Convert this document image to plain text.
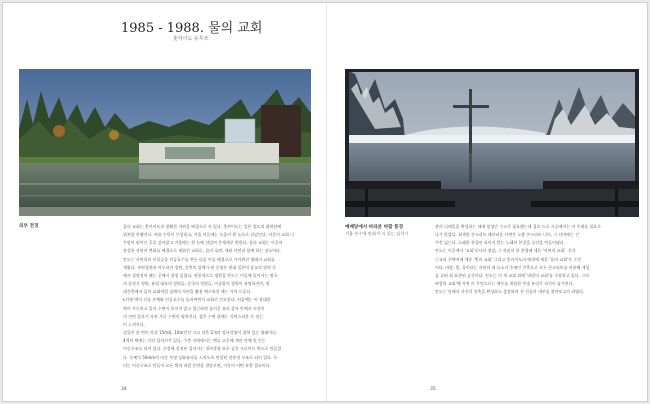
1985 - 1988. 물의 교회
홋카이도 유후쓰
외부 전경	예배당에서 바라본 바깥 풍경
겨울 풍수에 맞춰져 서 있는 십자가

물의 교회는 홋카이도의 광활한 자연을 배경으로 서 있다. 홋카이도는 일본 열도의 최북단에

위치한 한랭지다. 여름 수목이 무성하고, 겨울 어둠에는 녹음이 흰 눈으로 뒤덮인다. 이곳이 교회 너

무말이 뛰어난 곳을 감아앉고 겨울에는 흰 눈에 뒤덮여 은세계로 변한다. 물의 교회는 이곳의

풍성한 자연의 변화를 배경으로 세워진 교회로, 물의 호면, 새와 자연과 함께 하는 장소이다.

안도는 자연과의 이상공을 인공호수를 만든 다음 이를 배경으로 가까워진 형태의 교회를

세웠다. 자연경관과 어우러진 정원, 건축의 입체가 된 중정은 현대 일본의 종교적 영역 중

에서 결정적이 폐는 곳에서 결정 있었다. 전통적으로 정원을 만드는 이들에 있어서는 영국

의 종정식 정원, 유럽 대륙의 정원들, 중국의 정원들, 이슬람의 정원이 유명하지만, 현

대건축에서 물의 교회처럼 물에의 자연을 활용 배구하진 애는 거의 드물다.

L자형 벽이 건물 본체와 인공호수를 둘러싸면서 교회로 인도한다. 처음에는 이 장대한

벽이 가로막고 있어 수면이 보이지 않고 접근하면 들어갈 유리 상자 안에서 시선이

의 전면 갑자기 자연 가득 수면이 펼쳐진다. 결은 수면 위에는 자연스러운 듯 잇는

이 느껴진다.

설물은 한 변이 각각 15m와, 10m인인 크고 작은 2개의 정사각형이 겹쳐 있는 형태이다.

4개의 벽에는 각각 십자가가 있다. 수층 지역에서는 맨들 고문에 계산 단체 및 인는

이중구조로 되어 있다. 중정에 설치된 십자가는 정사각형 모두 공간 크로이드 박스로 만들었

다. 두께가 50mm의 이중 투명 강화유리를 스치도록 연결된 진흥적 구조로 되어 있다. 두

터는 이중구조로 만들어 모든 벽의 바깥 문란을 결말으면, 기둥이 어떤 보충 결코이다.

관의 디테일을 완성하는 데에 엄청난 수고가 필요했는데 집요 드로 시공에서는 이 주재를 필요로

나가 않았다. 회색빛 콘크리트 매끄러운 사변은 노출 콘크리트 너머, 그 너머에는 긴

주층 넓는다. 노래한 풍경이 보이지 않는 노래의 본질을 공간을 만들어냈다.

안도는 이곳에서 '교회'로서의 정장, 그 작품의 한 풍경에 세운 '자연의 교회'. 후각

근교의 주택지에 세운 '빛의 교회' 그리고 홋카이도의 배경에 세운 '물의 교회'가 그것

이다. 바람, 빛, 물이라는 자연의 세 요소가 주제인 건축으로 모두 콘크리트를 이용해 개성

를 살려 회 표현된 공간이다. 안도는 이 세 교회 외에 '바람의 교회'를 구상하고 있다. 그의

바람의 교회'에 자연 이 무엇으로는 매투를 개념한 투명 유리가 자신이 남겨진다.

안도는 안에서 자신의 건축을 완성하고 상상하며 저 건물의 내부를 찾아보고자 하였다.

34	35
